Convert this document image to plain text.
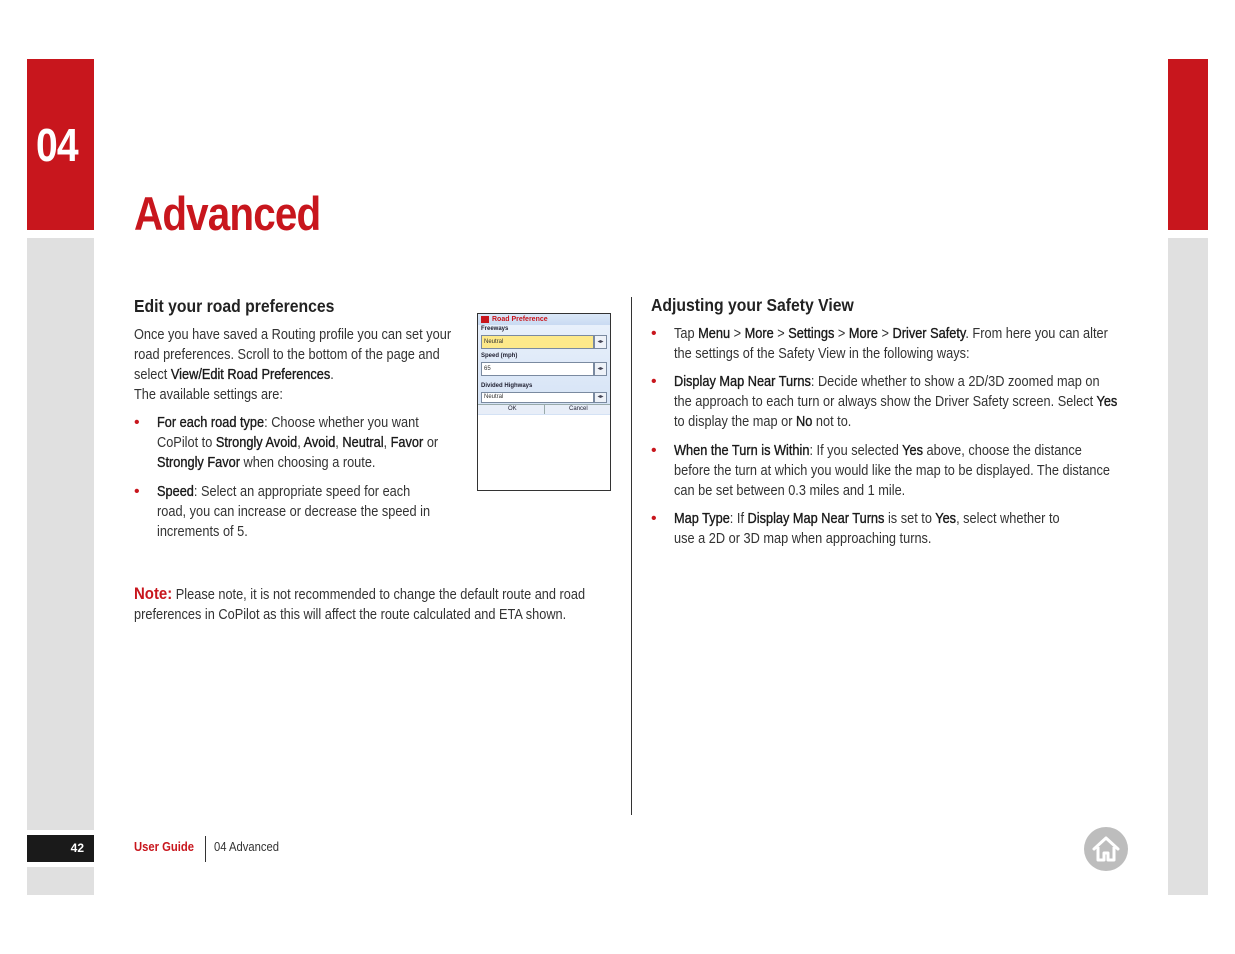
04
42
Advanced
Edit your road preferences
Once you have saved a Routing profile you can set your road preferences. Scroll to the bottom of the page and select View/Edit Road Preferences.
The available settings are:
• For each road type: Choose whether you want CoPilot to Strongly Avoid, Avoid, Neutral, Favor or Strongly Favor when choosing a route.
• Speed: Select an appropriate speed for each road, you can increase or decrease the speed in increments of 5.
Road Preference
Freeways
Neutral	◂▸
Speed (mph)
65	◂▸
Divided Highways
Neutral	◂▸
OK	Cancel
Note: Please note, it is not recommended to change the default route and road preferences in CoPilot as this will affect the route calculated and ETA shown.
Adjusting your Safety View
• Tap Menu > More > Settings > More > Driver Safety. From here you can alter the settings of the Safety View in the following ways:
• Display Map Near Turns: Decide whether to show a 2D/3D zoomed map on the approach to each turn or always show the Driver Safety screen. Select Yes to display the map or No not to.
• When the Turn is Within: If you selected Yes above, choose the distance before the turn at which you would like the map to be displayed. The distance can be set between 0.3 miles and 1 mile.
• Map Type: If Display Map Near Turns is set to Yes, select whether to use a 2D or 3D map when approaching turns.
User Guide 04 Advanced
